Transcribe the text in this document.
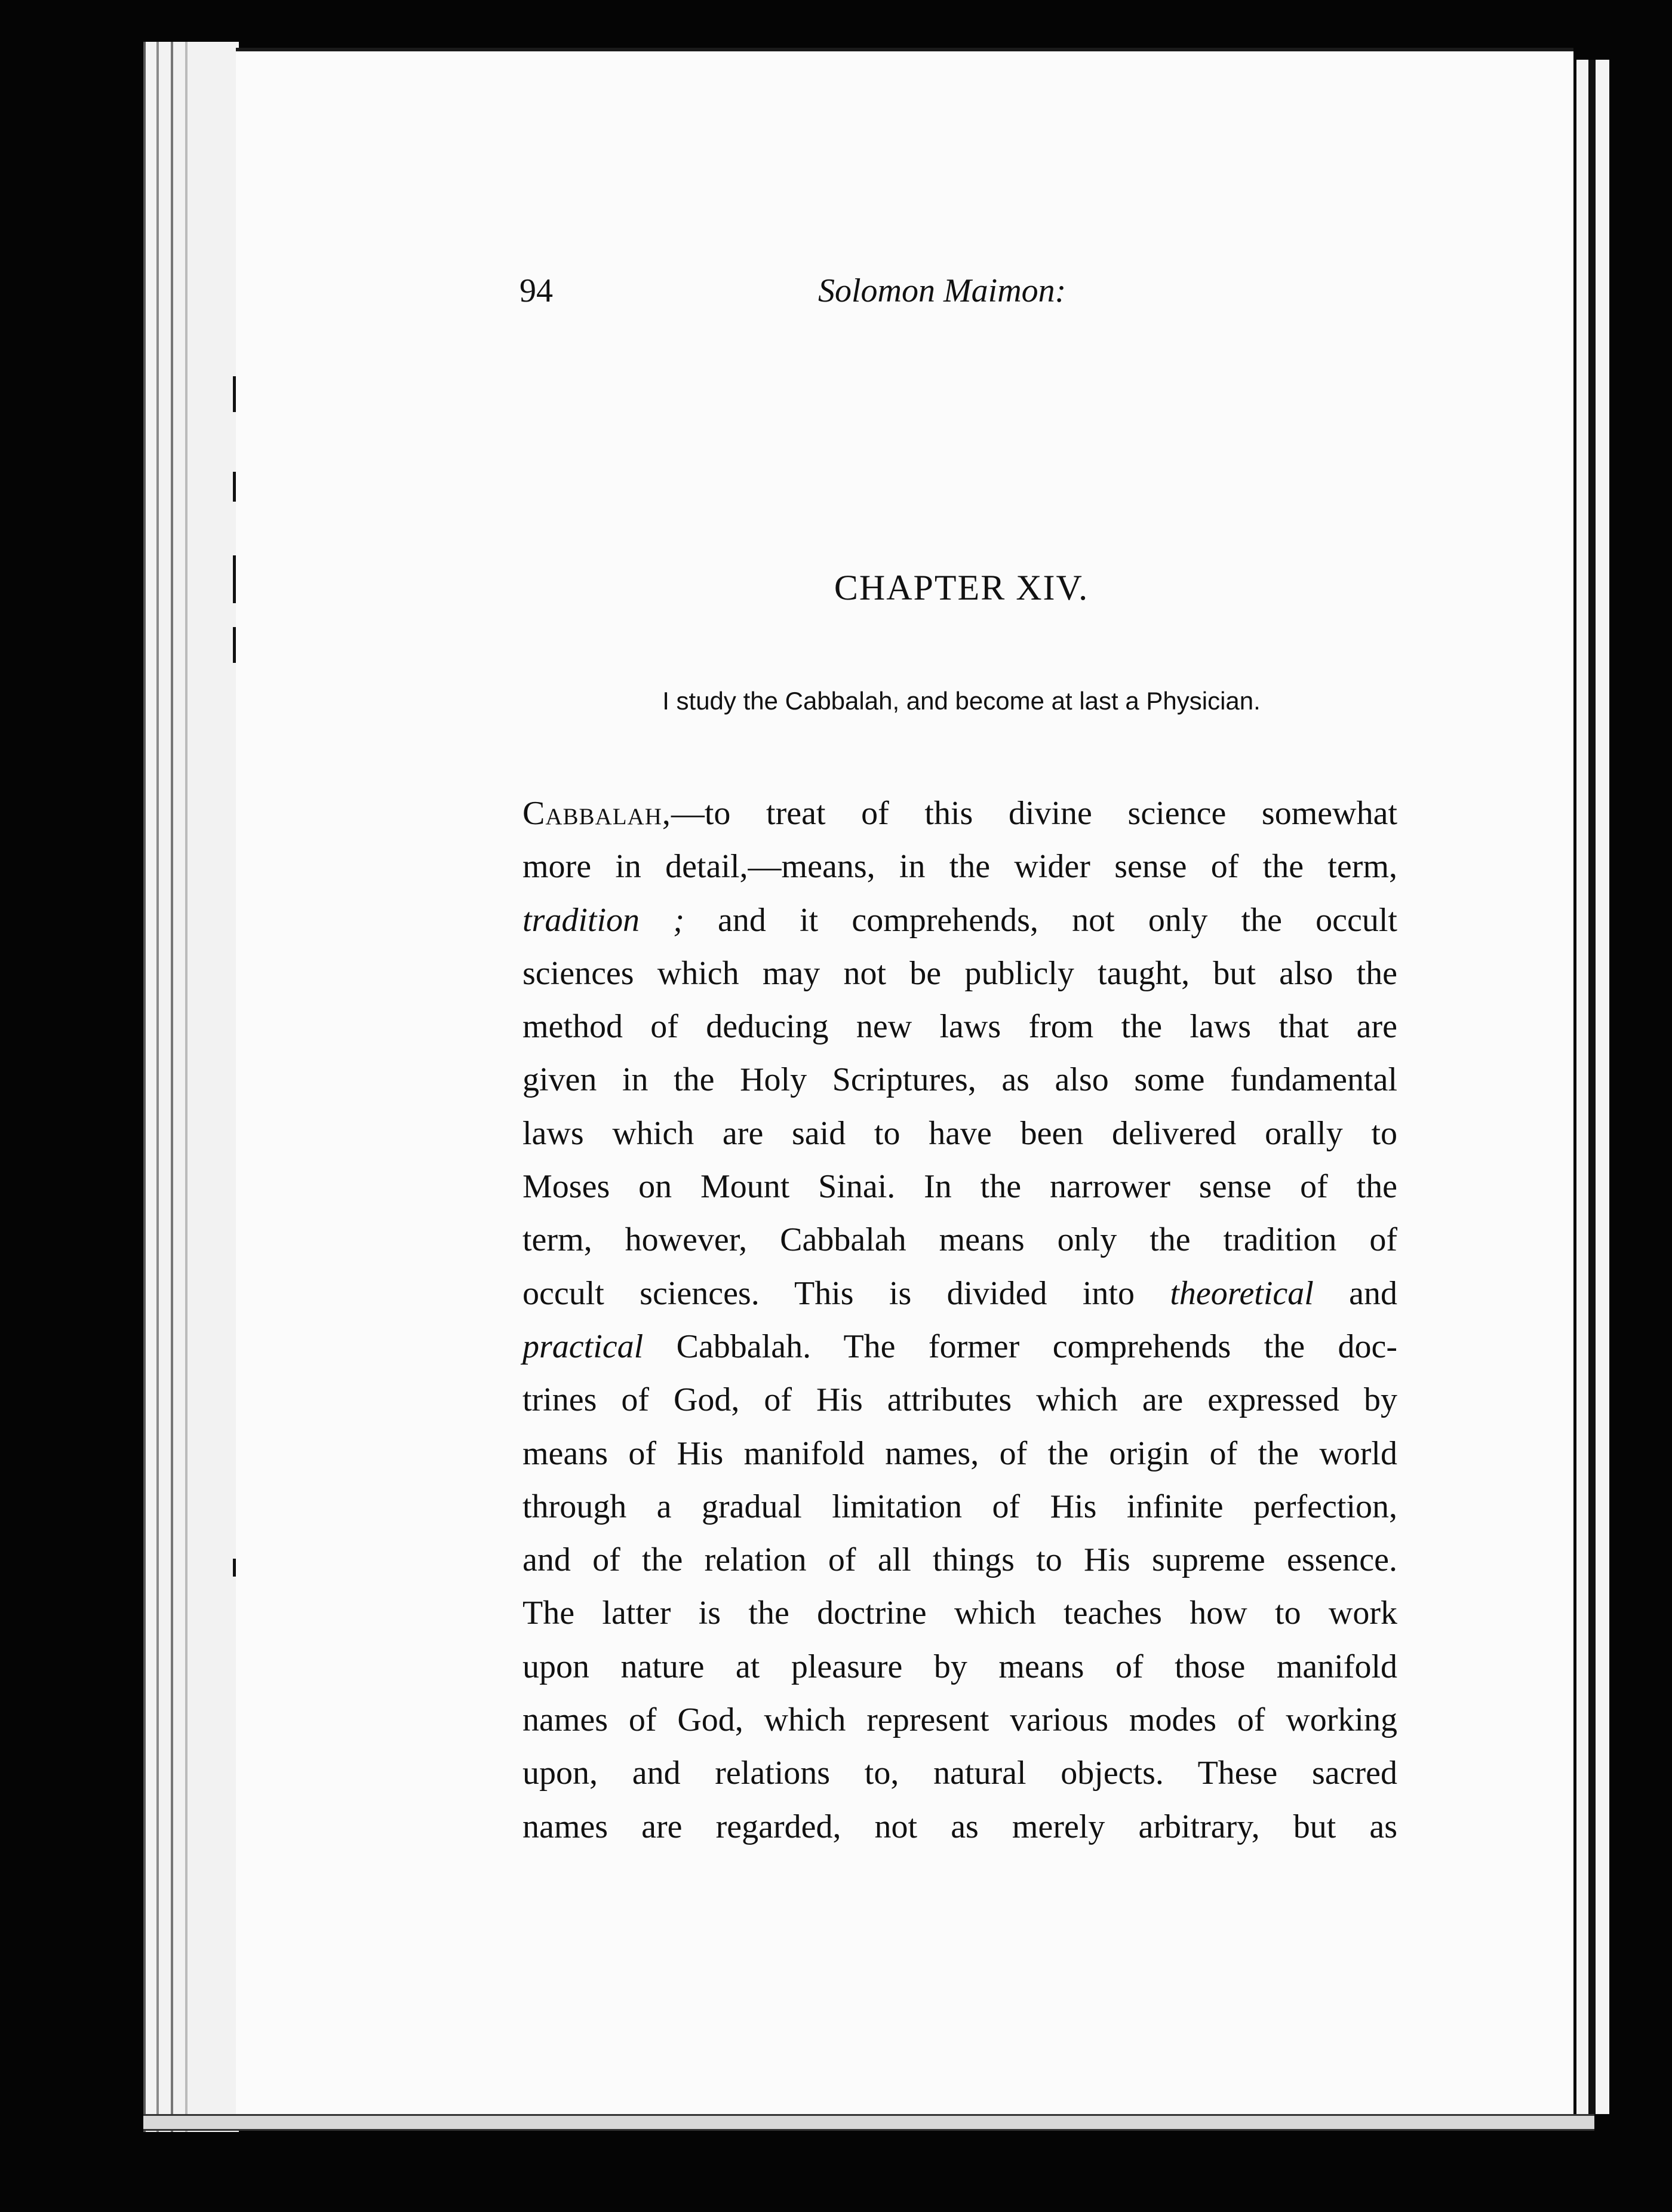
94	Solomon Maimon:
CHAPTER XIV.
I study the Cabbalah, and become at last a Physician.
Cabbalah,—to treat of this divine science somewhat
more in detail,—means, in the wider sense of the term,
tradition ; and it comprehends, not only the occult
sciences which may not be publicly taught, but also the
method of deducing new laws from the laws that are
given in the Holy Scriptures, as also some fundamental
laws which are said to have been delivered orally to
Moses on Mount Sinai. In the narrower sense of the
term, however, Cabbalah means only the tradition of
occult sciences. This is divided into theoretical and
practical Cabbalah. The former comprehends the doc-
trines of God, of His attributes which are expressed by
means of His manifold names, of the origin of the world
through a gradual limitation of His infinite perfection,
and of the relation of all things to His supreme essence.
The latter is the doctrine which teaches how to work
upon nature at pleasure by means of those manifold
names of God, which represent various modes of working
upon, and relations to, natural objects. These sacred
names are regarded, not as merely arbitrary, but as
